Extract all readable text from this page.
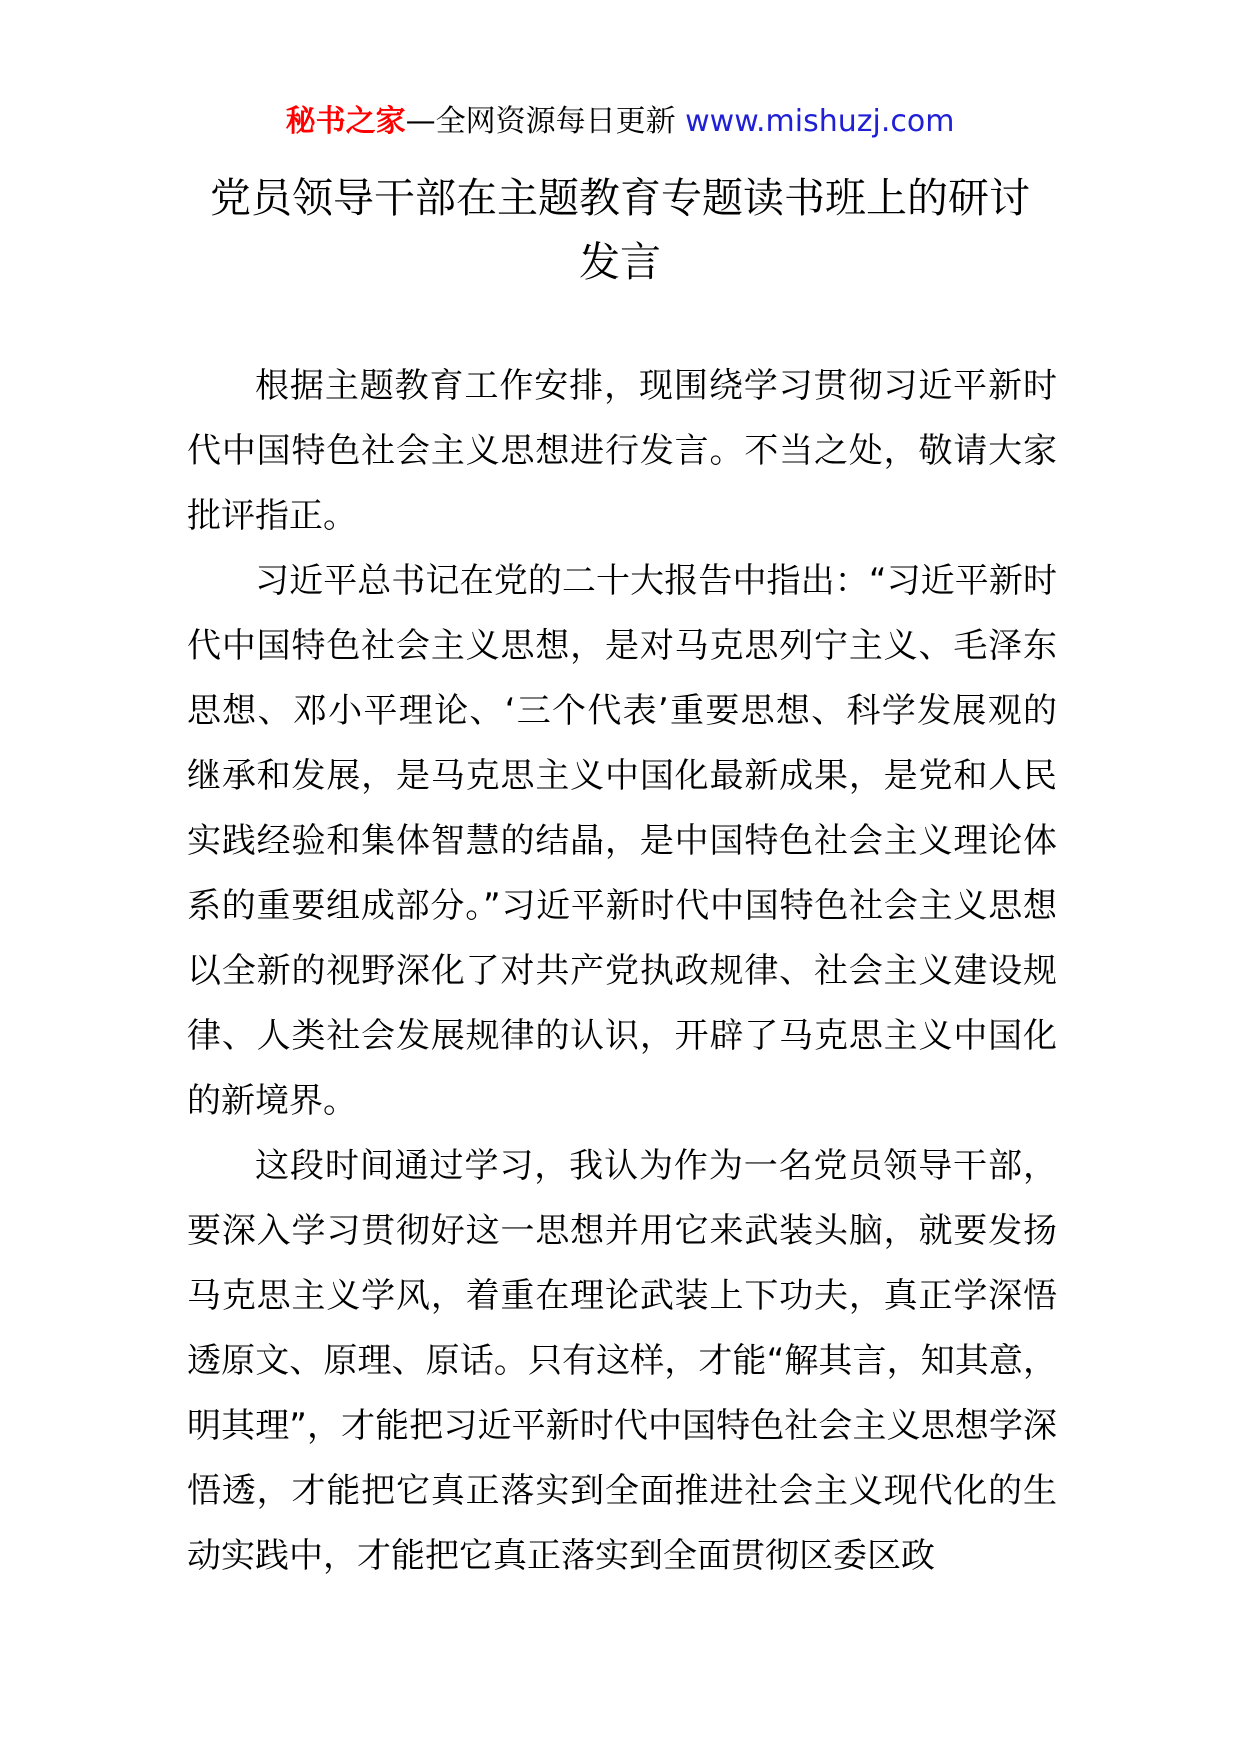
秘书之家—全网资源每日更新 www.mishuzj.com
党员领导干部在主题教育专题读书班上的研讨发言

根据主题教育工作安排，现围绕学习贯彻习近平新时代中国特色社会主义思想进行发言。不当之处，敬请大家批评指正。

习近平总书记在党的二十大报告中指出：“习近平新时代中国特色社会主义思想，是对马克思列宁主义、毛泽东思想、邓小平理论、‘三个代表’重要思想、科学发展观的继承和发展，是马克思主义中国化最新成果，是党和人民实践经验和集体智慧的结晶，是中国特色社会主义理论体系的重要组成部分。”习近平新时代中国特色社会主义思想以全新的视野深化了对共产党执政规律、社会主义建设规律、人类社会发展规律的认识，开辟了马克思主义中国化的新境界。

这段时间通过学习，我认为作为一名党员领导干部，要深入学习贯彻好这一思想并用它来武装头脑，就要发扬马克思主义学风，着重在理论武装上下功夫，真正学深悟透原文、原理、原话。只有这样，才能“解其言，知其意，明其理”，才能把习近平新时代中国特色社会主义思想学深悟透，才能把它真正落实到全面推进社会主义现代化的生动实践中，才能把它真正落实到全面贯彻区委区政
